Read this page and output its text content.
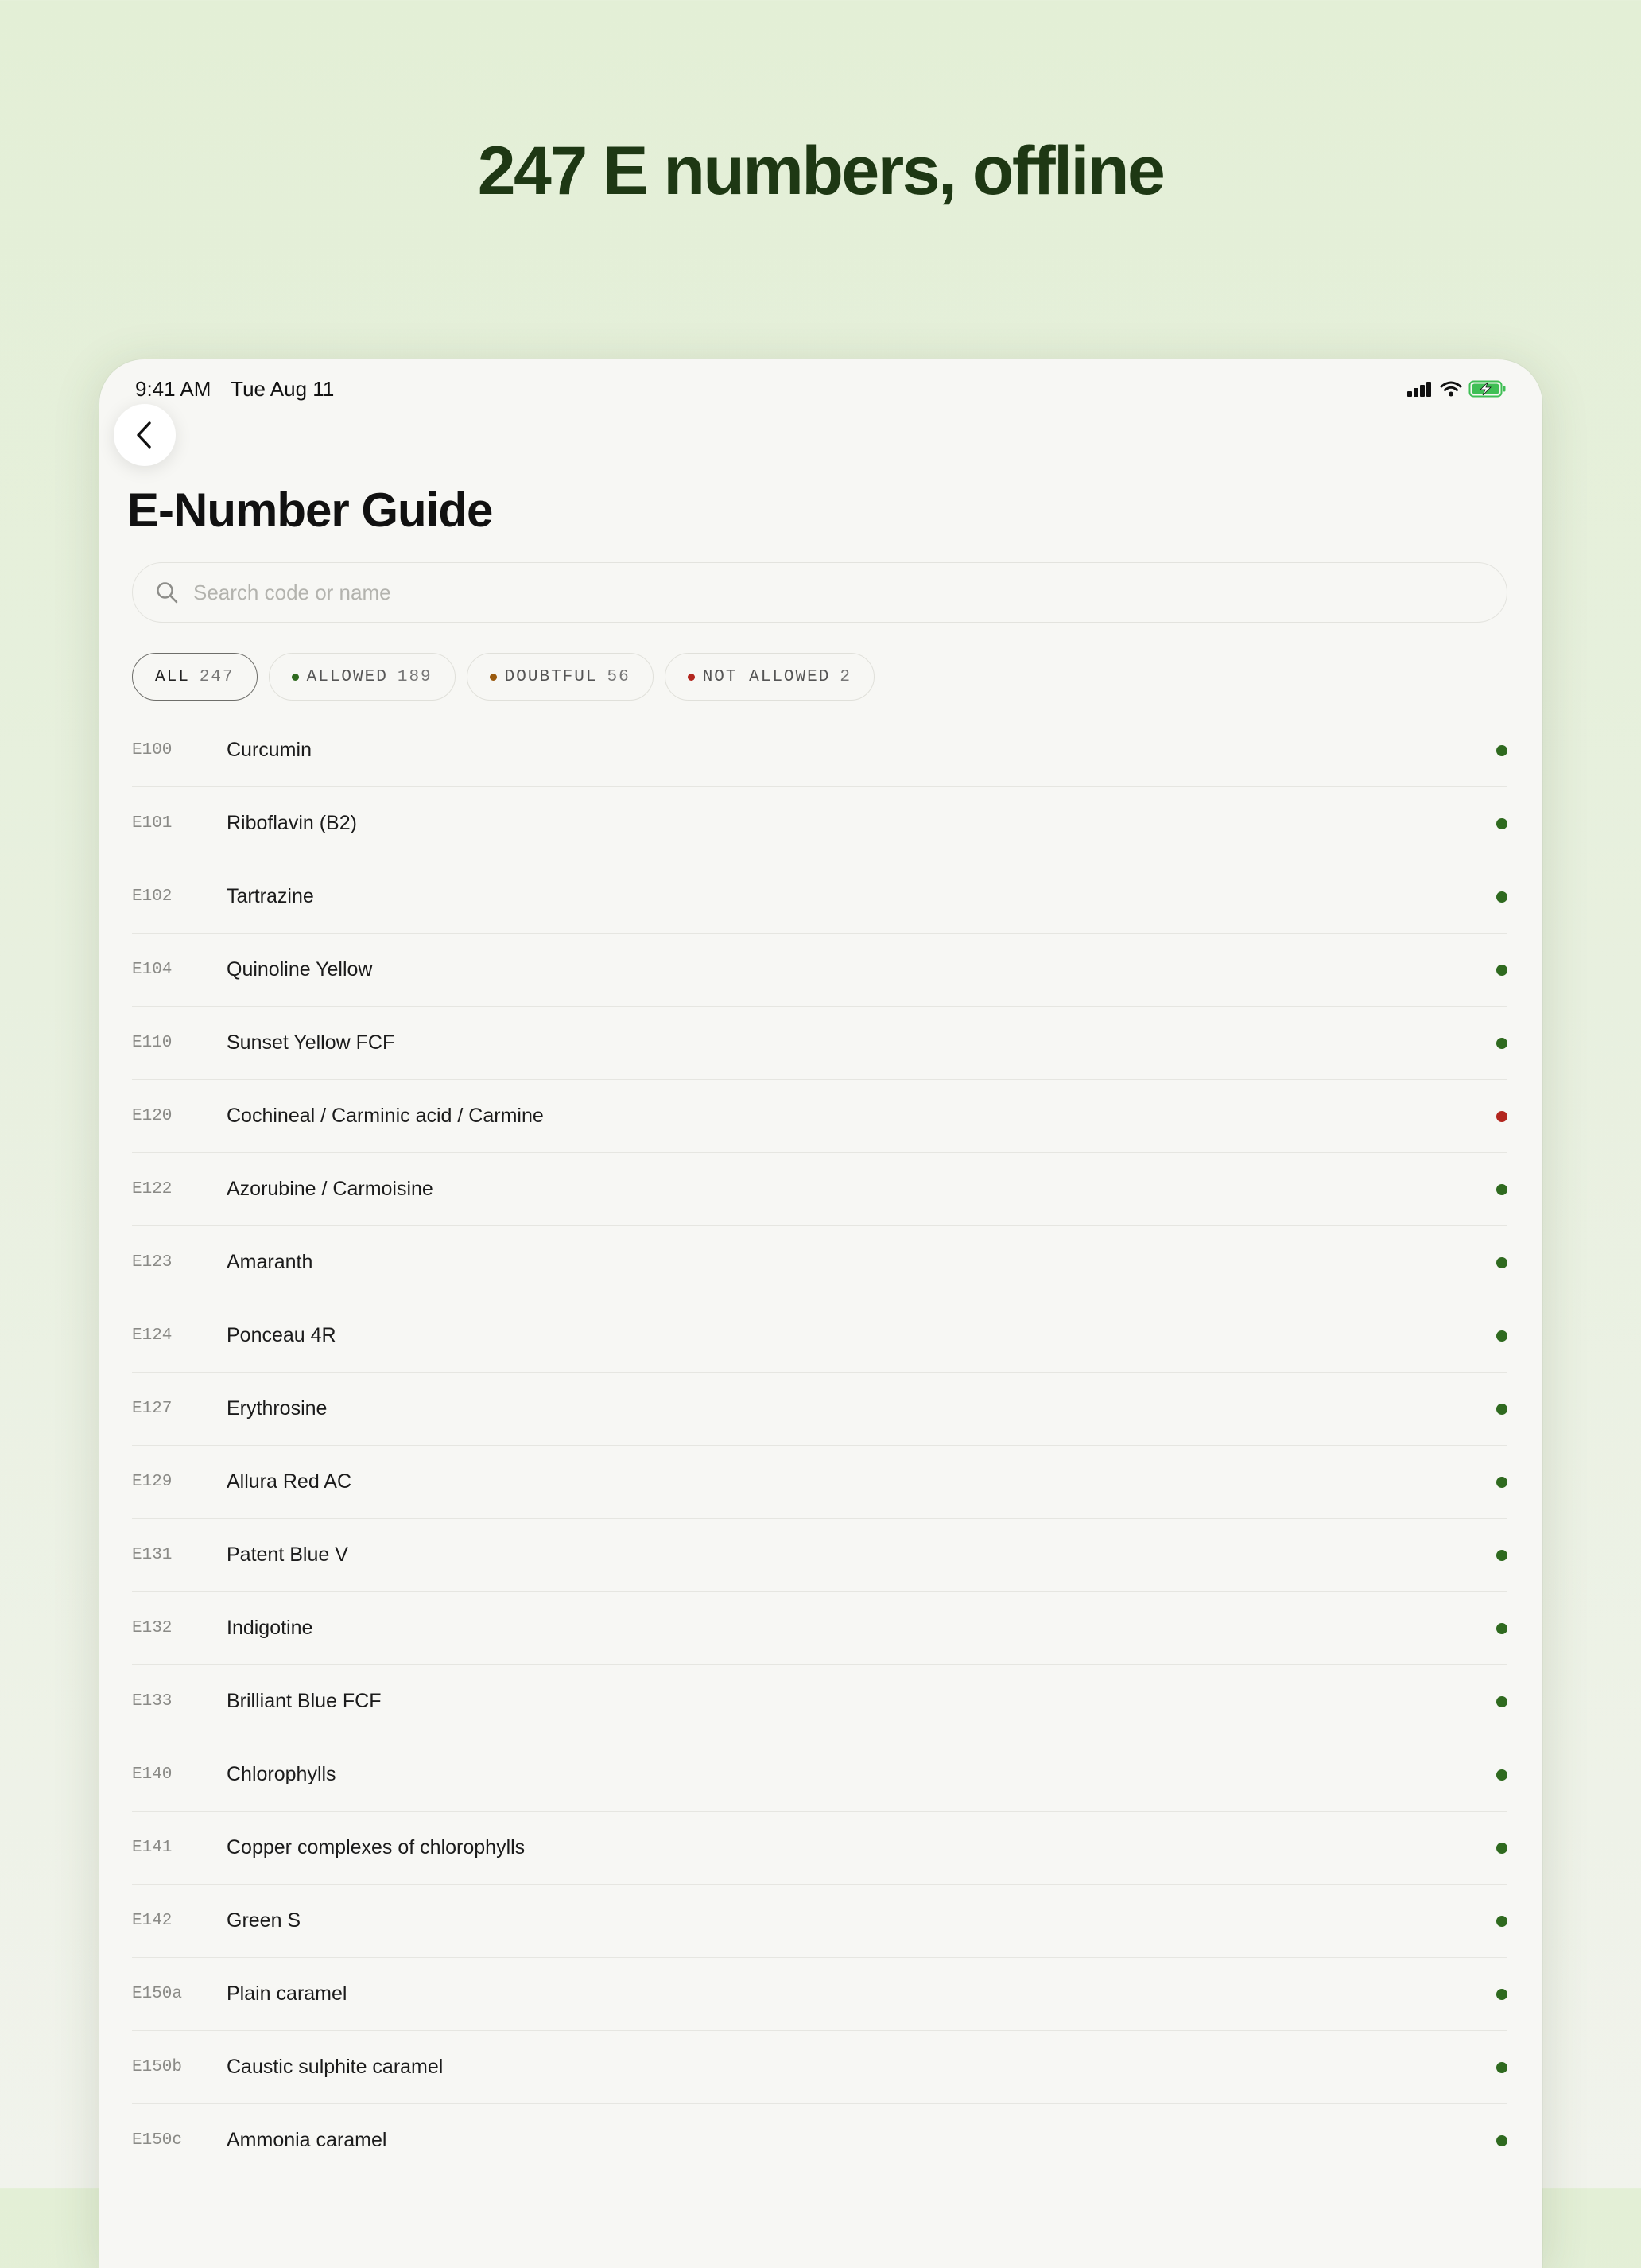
247 E numbers, offline
9:41 AM Tue Aug 11
E-Number Guide
Search code or name
ALL 247	ALLOWED 189	DOUBTFUL 56	NOT ALLOWED 2
E100	Curcumin
E101	Riboflavin (B2)
E102	Tartrazine
E104	Quinoline Yellow
E110	Sunset Yellow FCF
E120	Cochineal / Carminic acid / Carmine
E122	Azorubine / Carmoisine
E123	Amaranth
E124	Ponceau 4R
E127	Erythrosine
E129	Allura Red AC
E131	Patent Blue V
E132	Indigotine
E133	Brilliant Blue FCF
E140	Chlorophylls
E141	Copper complexes of chlorophylls
E142	Green S
E150a	Plain caramel
E150b	Caustic sulphite caramel
E150c	Ammonia caramel
